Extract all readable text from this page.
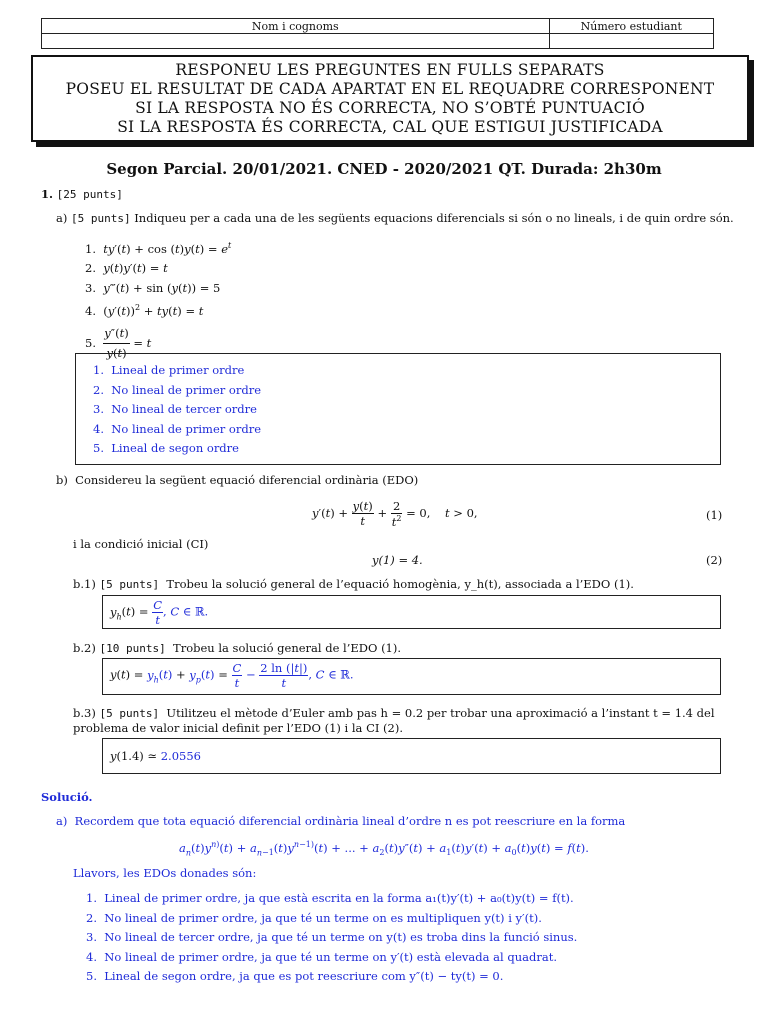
Nom i cognoms	Número estudiant

RESPONEU LES PREGUNTES EN FULLS SEPARATS
POSEU EL RESULTAT DE CADA APARTAT EN EL REQUADRE CORRESPONENT
SI LA RESPOSTA NO ÉS CORRECTA, NO S’OBTÉ PUNTUACIÓ
SI LA RESPOSTA ÉS CORRECTA, CAL QUE ESTIGUI JUSTIFICADA
Segon Parcial. 20/01/2021. CNED - 2020/2021 QT. Durada: 2h30m
1. [25 punts]
a) [5 punts] Indiqueu per a cada una de les següents equacions diferencials si són o no lineals, i de quin ordre són.
1.  $ty'(t) + \cos (t)y(t) = e^t$
2.  y(t)y′(t) = t
3.  y‴(t) + sin (y(t)) = 5
4.  $(y'(t))^2 + ty(t) = t$
5. $\frac{y''(t)}{y(t)} = t$
1. Lineal de primer ordre
2. No lineal de primer ordre
3. No lineal de tercer ordre
4. No lineal de primer ordre
5. Lineal de segon ordre
b) Considereu la següent equació diferencial ordinària (EDO)
$y'(t) + \frac{y(t)}{t} + \frac{2}{t^2} = 0$,    t > 0,	(1)
i la condició inicial (CI)
y(1) = 4.	(2)
b.1) [5 punts] Trobeu la solució general de l’equació homogènia, y_h(t), associada a l’EDO (1).
$y_h(t) = \frac{C}{t}$ , C ∈ ℝ.
b.2) [10 punts] Trobeu la solució general de l’EDO (1).
$y(t) = y_h(t) + y_p(t) = \frac{C}{t} - \frac{2 \ln (|t|)}{t}$ , C ∈ ℝ.
b.3) [5 punts] Utilitzeu el mètode d’Euler amb pas h = 0.2 per trobar una aproximació a l’instant t = 1.4 del problema de valor inicial definit per l’EDO (1) i la CI (2).
y(1.4) ≃ 2.0556
Solució.
a) Recordem que tota equació diferencial ordinària lineal d’ordre n es pot reescriure en la forma
$a_n(t)y^{n)}(t) + a_{n-1}(t)y^{n-1)}(t)$ + ... + $a_2(t)y''(t) + a_1(t)y'(t) + a_0(t)y(t) = f(t)$.
Llavors, les EDOs donades són:
1. Lineal de primer ordre, ja que està escrita en la forma a₁(t)y′(t) + a₀(t)y(t) = f(t).
2. No lineal de primer ordre, ja que té un terme on es multipliquen y(t) i y′(t).
3. No lineal de tercer ordre, ja que té un terme on y(t) es troba dins la funció sinus.
4. No lineal de primer ordre, ja que té un terme on y′(t) està elevada al quadrat.
5. Lineal de segon ordre, ja que es pot reescriure com y″(t) − ty(t) = 0.
